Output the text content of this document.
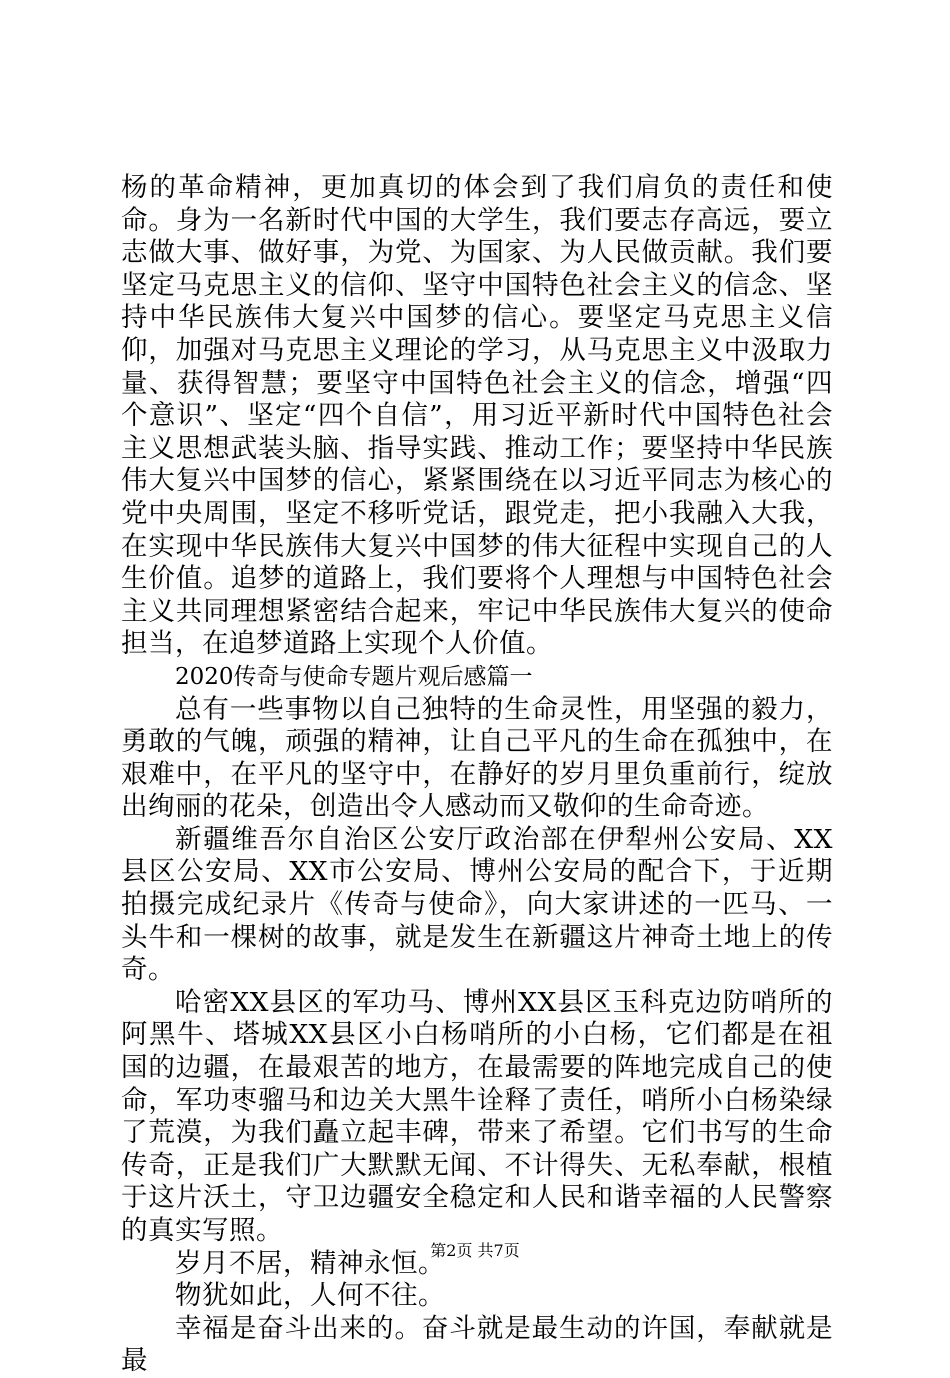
杨的革命精神，更加真切的体会到了我们肩负的责任和使命。身为一名新时代中国的大学生，我们要志存高远，要立志做大事、做好事，为党、为国家、为人民做贡献。我们要坚定马克思主义的信仰、坚守中国特色社会主义的信念、坚持中华民族伟大复兴中国梦的信心。要坚定马克思主义信仰，加强对马克思主义理论的学习，从马克思主义中汲取力量、获得智慧；要坚守中国特色社会主义的信念，增强“四个意识”、坚定“四个自信”，用习近平新时代中国特色社会主义思想武装头脑、指导实践、推动工作；要坚持中华民族伟大复兴中国梦的信心，紧紧围绕在以习近平同志为核心的党中央周围，坚定不移听党话，跟党走，把小我融入大我，在实现中华民族伟大复兴中国梦的伟大征程中实现自己的人生价值。追梦的道路上，我们要将个人理想与中国特色社会主义共同理想紧密结合起来，牢记中华民族伟大复兴的使命担当，在追梦道路上实现个人价值。

2020传奇与使命专题片观后感篇一

总有一些事物以自己独特的生命灵性，用坚强的毅力，勇敢的气魄，顽强的精神，让自己平凡的生命在孤独中，在艰难中，在平凡的坚守中，在静好的岁月里负重前行，绽放出绚丽的花朵，创造出令人感动而又敬仰的生命奇迹。

新疆维吾尔自治区公安厅政治部在伊犁州公安局、XX县区公安局、XX市公安局、博州公安局的配合下，于近期拍摄完成纪录片《传奇与使命》，向大家讲述的一匹马、一头牛和一棵树的故事，就是发生在新疆这片神奇土地上的传奇。

哈密XX县区的军功马、博州XX县区玉科克边防哨所的阿黑牛、塔城XX县区小白杨哨所的小白杨，它们都是在祖国的边疆，在最艰苦的地方，在最需要的阵地完成自己的使命，军功枣骝马和边关大黑牛诠释了责任，哨所小白杨染绿了荒漠，为我们矗立起丰碑，带来了希望。它们书写的生命传奇，正是我们广大默默无闻、不计得失、无私奉献，根植于这片沃土，守卫边疆安全稳定和人民和谐幸福的人民警察的真实写照。

岁月不居，精神永恒。

物犹如此，人何不往。

幸福是奋斗出来的。奋斗就是最生动的许国，奉献就是最

第2页 共7页
